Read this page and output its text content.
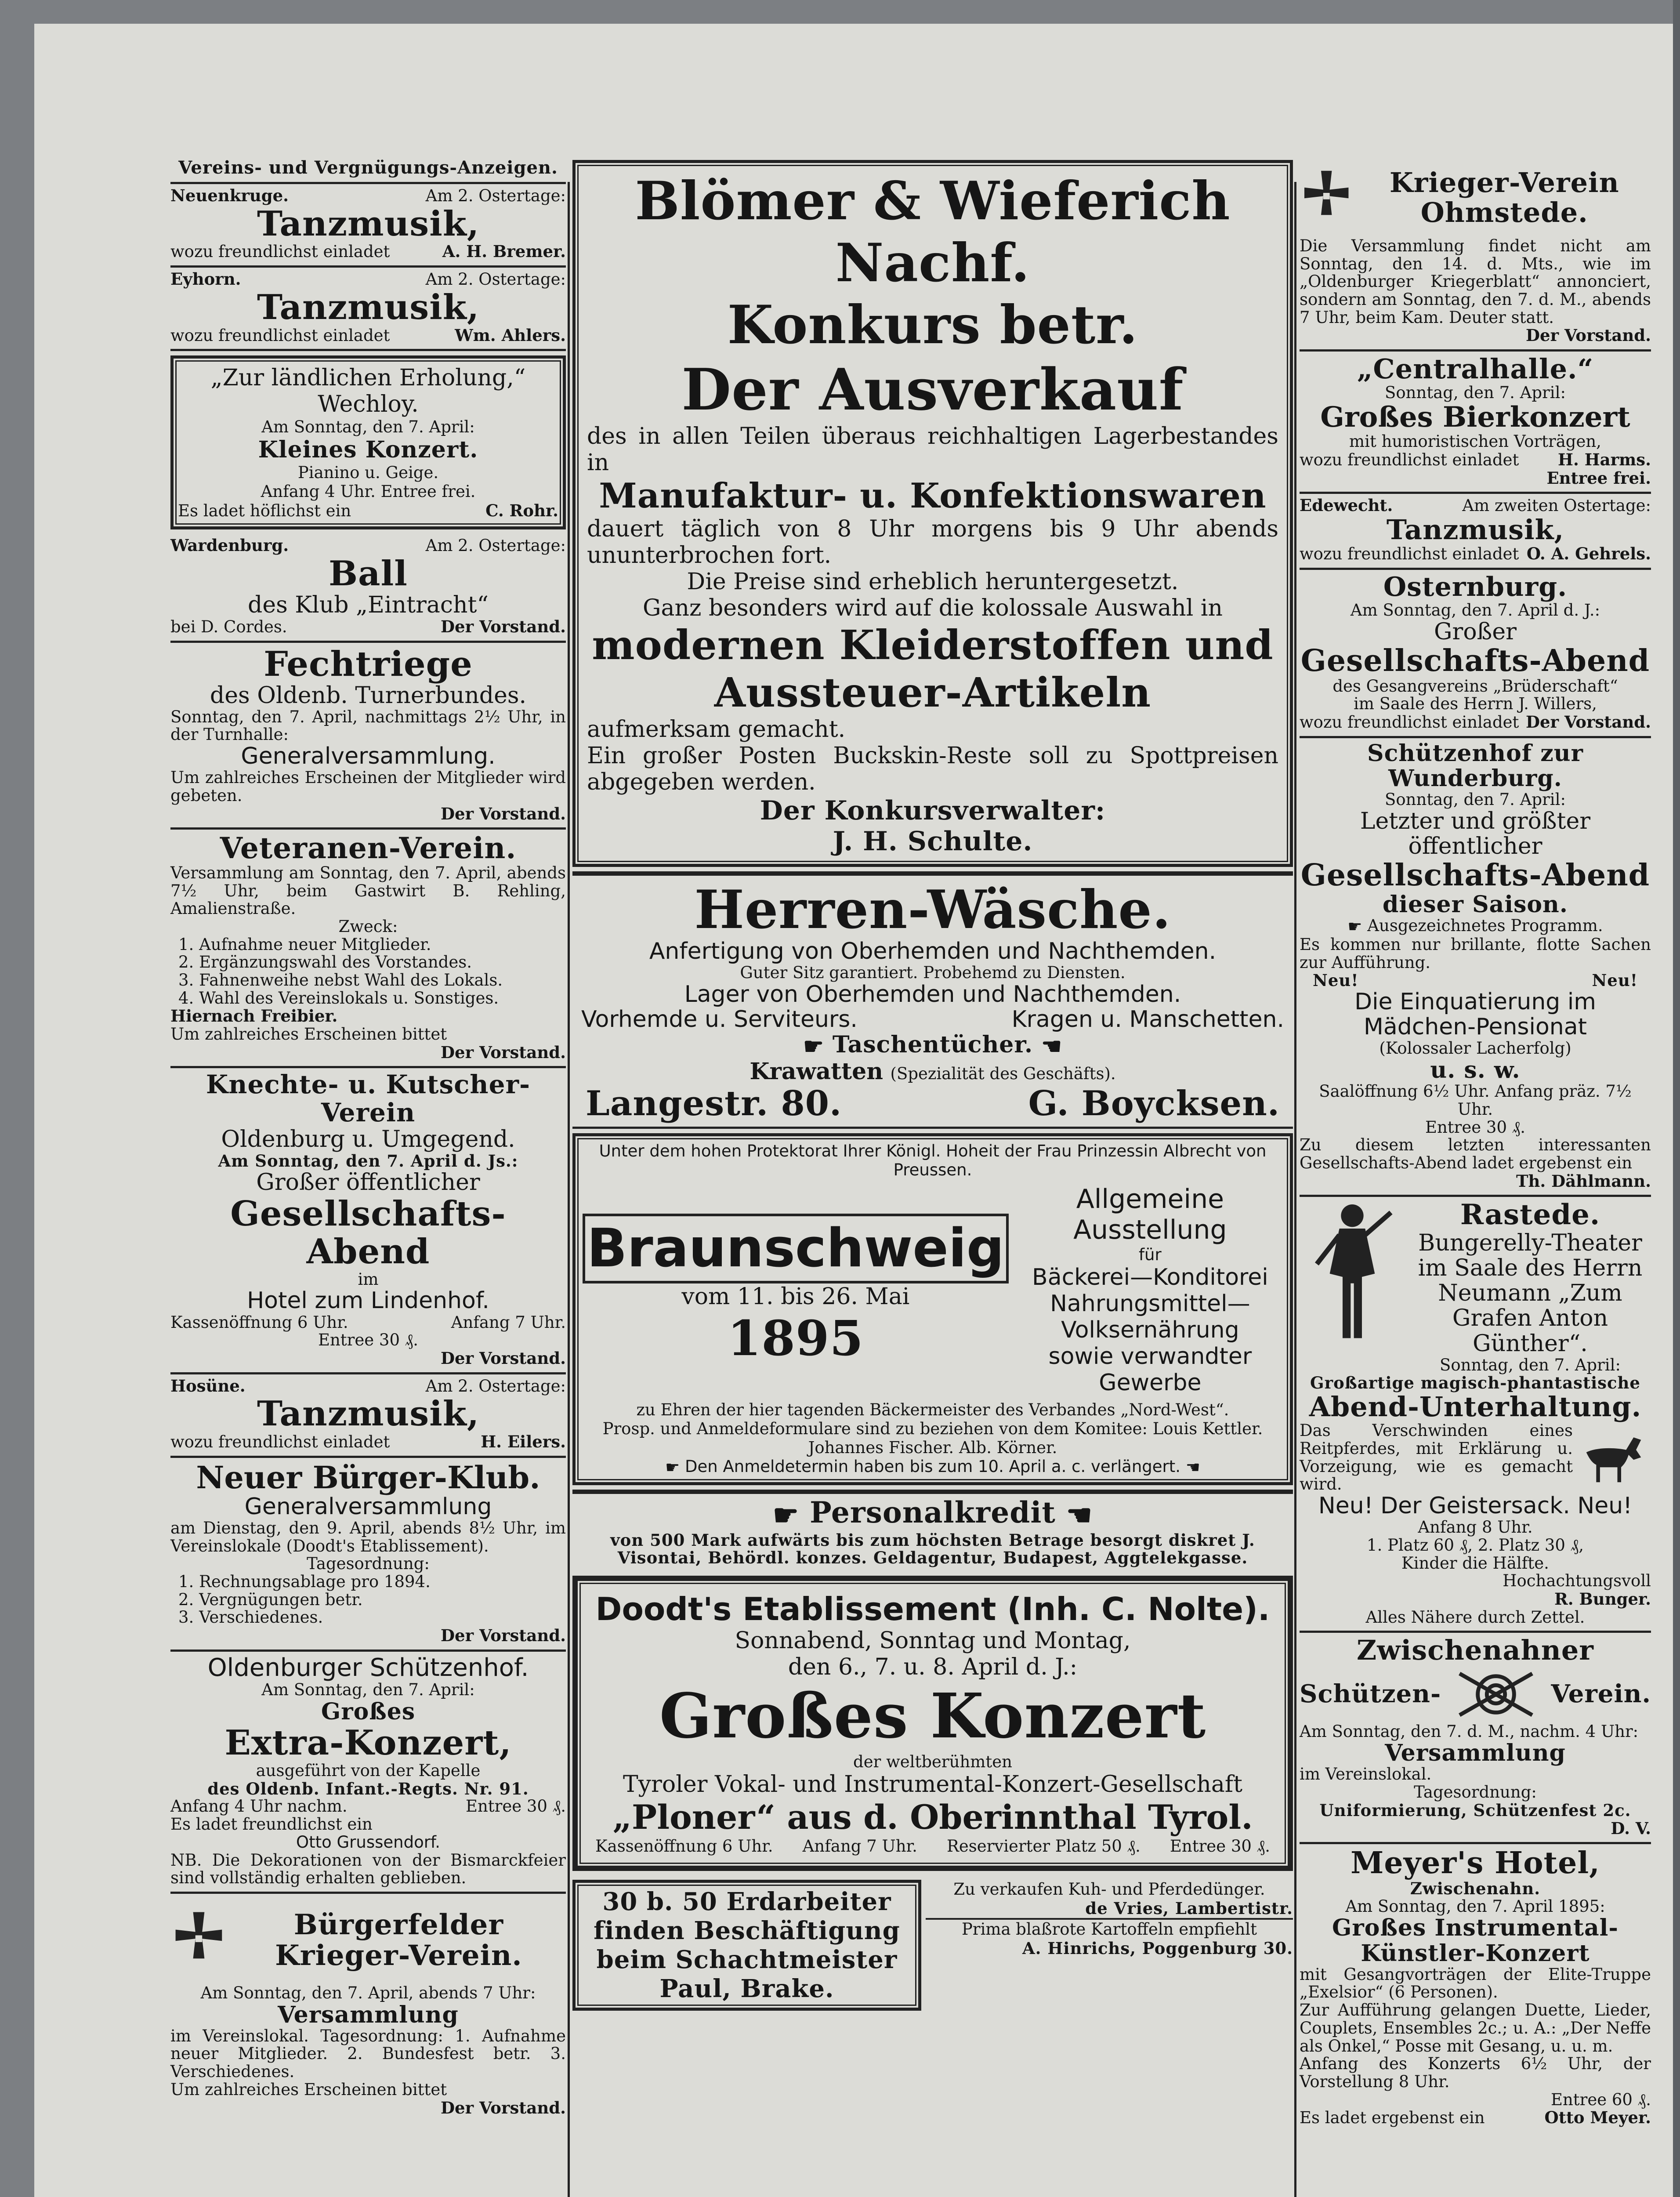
Vereins- und Vergnügungs-Anzeigen.
Neuenkruge.	Am 2. Ostertage:
Tanzmusik,
wozu freundlichst einladet	A. H. Bremer.
Eyhorn.	Am 2. Ostertage:
Tanzmusik,
wozu freundlichst einladet	Wm. Ahlers.
„Zur ländlichen Erholung,“
Wechloy.
Am Sonntag, den 7. April:
Kleines Konzert.
Pianino u. Geige.
Anfang 4 Uhr. Entree frei.
Es ladet höflichst ein	C. Rohr.
Wardenburg.	Am 2. Ostertage:
Ball
des Klub „Eintracht“
bei D. Cordes.	Der Vorstand.
Fechtriege
des Oldenb. Turnerbundes.
Sonntag, den 7. April, nachmittags 2½ Uhr, in der Turnhalle:
Generalversammlung.
Um zahlreiches Erscheinen der Mitglieder wird gebeten.
Der Vorstand.
Veteranen-Verein.
Versammlung am Sonntag, den 7. April, abends 7½ Uhr, beim Gastwirt B. Rehling, Amalienstraße.
Zweck:
1. Aufnahme neuer Mitglieder.
2. Ergänzungswahl des Vorstandes.
3. Fahnenweihe nebst Wahl des Lokals.
4. Wahl des Vereinslokals u. Sonstiges.
Hiernach Freibier.
Um zahlreiches Erscheinen bittet
Der Vorstand.
Knechte- u. Kutscher-Verein
Oldenburg u. Umgegend.
Am Sonntag, den 7. April d. Js.:
Großer öffentlicher
Gesellschafts-Abend
im
Hotel zum Lindenhof.
Kassenöffnung 6 Uhr.	Anfang 7 Uhr.
Entree 30 ₰.
Der Vorstand.
Hosüne.	Am 2. Ostertage:
Tanzmusik,
wozu freundlichst einladet	H. Eilers.
Neuer Bürger-Klub.
Generalversammlung
am Dienstag, den 9. April, abends 8½ Uhr, im Vereinslokale (Doodt's Etablissement).
Tagesordnung:
1. Rechnungsablage pro 1894.
2. Vergnügungen betr.
3. Verschiedenes.
Der Vorstand.
Oldenburger Schützenhof.
Am Sonntag, den 7. April:
Großes
Extra-Konzert,
ausgeführt von der Kapelle
des Oldenb. Infant.-Regts. Nr. 91.
Anfang 4 Uhr nachm.	Entree 30 ₰.
Es ladet freundlichst ein
Otto Grussendorf.
NB. Die Dekorationen von der Bismarckfeier sind vollständig erhalten geblieben.
Bürgerfelder Krieger-Verein.
Am Sonntag, den 7. April, abends 7 Uhr:
Versammlung
im Vereinslokal. Tagesordnung: 1. Aufnahme neuer Mitglieder. 2. Bundesfest betr. 3. Verschiedenes.
Um zahlreiches Erscheinen bittet
Der Vorstand.
Blömer & Wieferich Nachf.
Konkurs betr.
Der Ausverkauf
des in allen Teilen überaus reichhaltigen Lagerbestandes in
Manufaktur- u. Konfektionswaren
dauert täglich von 8 Uhr morgens bis 9 Uhr abends ununterbrochen fort.
Die Preise sind erheblich heruntergesetzt.
Ganz besonders wird auf die kolossale Auswahl in
modernen Kleiderstoffen und
Aussteuer-Artikeln
aufmerksam gemacht.
Ein großer Posten Buckskin-Reste soll zu Spottpreisen abgegeben werden.
Der Konkursverwalter:
J. H. Schulte.
Herren-Wäsche.
Anfertigung von Oberhemden und Nachthemden.
Guter Sitz garantiert. Probehemd zu Diensten.
Lager von Oberhemden und Nachthemden.
Vorhemde u. Serviteurs.	Kragen u. Manschetten.
☛ Taschentücher. ☚
Krawatten (Spezialität des Geschäfts).
Langestr. 80.	G. Boyсksen.
Unter dem hohen Protektorat Ihrer Königl. Hoheit der Frau Prinzessin Albrecht von Preussen.
Braunschweig
vom 11. bis 26. Mai
1895
Allgemeine Ausstellung
für
Bäckerei—Konditorei
Nahrungsmittel—Volksernährung
sowie verwandter Gewerbe
zu Ehren der hier tagenden Bäckermeister des Verbandes „Nord-West“.
Prosp. und Anmeldeformulare sind zu beziehen von dem Komitee: Louis Kettler. Johannes Fischer. Alb. Körner.
☛ Den Anmeldetermin haben bis zum 10. April a. c. verlängert. ☚
☛ Personalkredit ☚
von 500 Mark aufwärts bis zum höchsten Betrage besorgt diskret J. Visontai, Behördl. konzes. Geldagentur, Budapest, Aggtelekgasse.
Doodt's Etablissement (Inh. C. Nolte).
Sonnabend, Sonntag und Montag,
den 6., 7. u. 8. April d. J.:
Großes Konzert
der weltberühmten
Tyroler Vokal- und Instrumental-Konzert-Gesellschaft
„Ploner“ aus d. Oberinnthal Tyrol.
Kassenöffnung 6 Uhr. Anfang 7 Uhr. Reservierter Platz 50 ₰. Entree 30 ₰.
30 b. 50 Erdarbeiter finden Beschäftigung beim Schachtmeister Paul, Brake.
Zu verkaufen Kuh- und Pferdedünger.
de Vries, Lambertistr.
Prima blaßrote Kartoffeln empfiehlt
A. Hinrichs, Poggenburg 30.
Krieger-Verein Ohmstede.
Die Versammlung findet nicht am Sonntag, den 14. d. Mts., wie im „Oldenburger Kriegerblatt“ annonciert, sondern am Sonntag, den 7. d. M., abends 7 Uhr, beim Kam. Deuter statt.
Der Vorstand.
„Centralhalle.“
Sonntag, den 7. April:
Großes Bierkonzert
mit humoristischen Vorträgen,
wozu freundlichst einladet H. Harms.
Entree frei.
Edewecht.	Am zweiten Ostertage:
Tanzmusik,
wozu freundlichst einladet O. A. Gehrels.
Osternburg.
Am Sonntag, den 7. April d. J.:
Großer
Gesellschafts-Abend
des Gesangvereins „Brüderschaft“
im Saale des Herrn J. Willers,
wozu freundlichst einladet Der Vorstand.
Schützenhof zur Wunderburg.
Sonntag, den 7. April:
Letzter und größter öffentlicher
Gesellschafts-Abend
dieser Saison.
☛ Ausgezeichnetes Programm.
Es kommen nur brillante, flotte Sachen zur Aufführung.
Neu!	Neu!
Die Einquatierung im Mädchen-Pensionat
(Kolossaler Lacherfolg)
u. s. w.
Saalöffnung 6½ Uhr. Anfang präz. 7½ Uhr.
Entree 30 ₰.
Zu diesem letzten interessanten Gesellschafts-Abend ladet ergebenst ein
Th. Dählmann.
Rastede.
Bungerelly-Theater
im Saale des Herrn Neumann „Zum Grafen Anton Günther“.
Sonntag, den 7. April:
Großartige magisch-phantastische
Abend-Unterhaltung.
Das Verschwinden eines Reitpferdes, mit Erklärung u. Vorzeigung, wie es gemacht wird.
Neu! Der Geistersack. Neu!
Anfang 8 Uhr.
1. Platz 60 ₰, 2. Platz 30 ₰,
Kinder die Hälfte.
Hochachtungsvoll
R. Bunger.
Alles Nähere durch Zettel.
Zwischenahner
Schützen-	Verein.
Am Sonntag, den 7. d. M., nachm. 4 Uhr:
Versammlung
im Vereinslokal.
Tagesordnung:
Uniformierung, Schützenfest 2c.
D. V.
Meyer's Hotel,
Zwischenahn.
Am Sonntag, den 7. April 1895:
Großes Instrumental-
Künstler-Konzert
mit Gesangvorträgen der Elite-Truppe „Exelsior“ (6 Personen).
Zur Aufführung gelangen Duette, Lieder, Couplets, Ensembles 2c.; u. A.: „Der Neffe als Onkel,“ Posse mit Gesang, u. u. m.
Anfang des Konzerts 6½ Uhr, der Vorstellung 8 Uhr.
Entree 60 ₰.
Es ladet ergebenst ein	Otto Meyer.
